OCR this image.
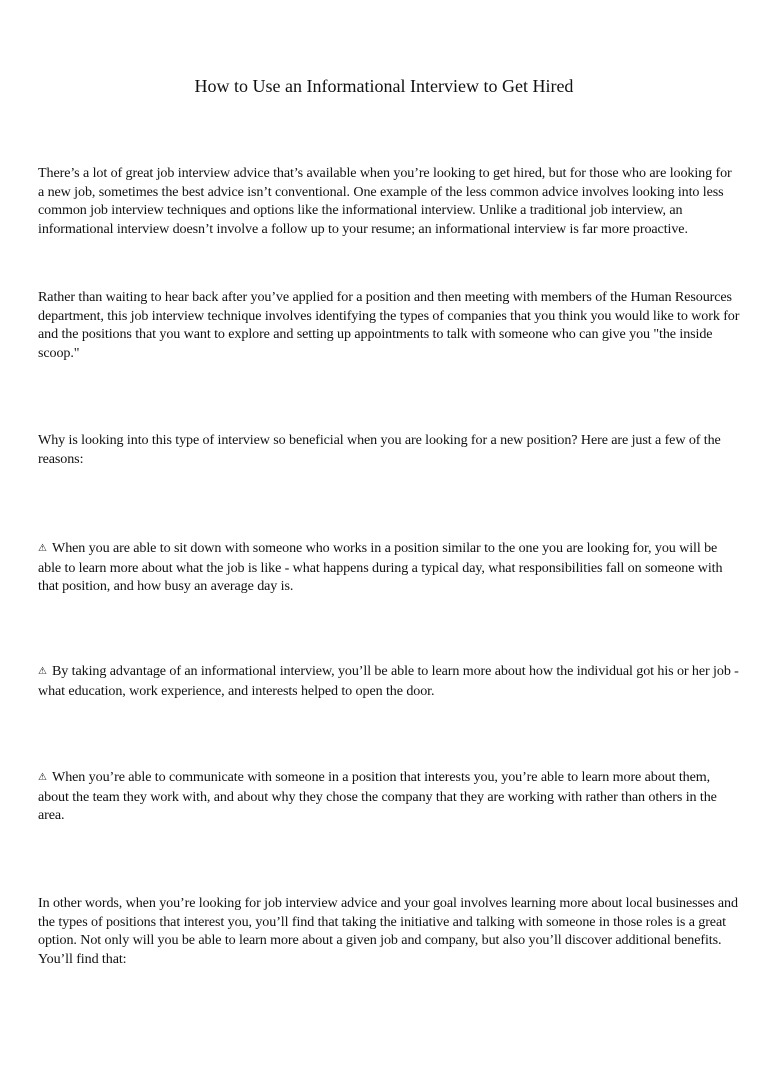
How to Use an Informational Interview to Get Hired

There’s a lot of great job interview advice that’s available when you’re looking to get hired, but for those who are looking for a new job, sometimes the best advice isn’t conventional. One example of the less common advice involves looking into less common job interview techniques and options like the informational interview. Unlike a traditional job interview, an informational interview doesn’t involve a follow up to your resume; an informational interview is far more proactive.

Rather than waiting to hear back after you’ve applied for a position and then meeting with members of the Human Resources department, this job interview technique involves identifying the types of companies that you think you would like to work for and the positions that you want to explore and setting up appointments to talk with someone who can give you "the inside scoop."

Why is looking into this type of interview so beneficial when you are looking for a new position? Here are just a few of the reasons:

⚠ When you are able to sit down with someone who works in a position similar to the one you are looking for, you will be able to learn more about what the job is like - what happens during a typical day, what responsibilities fall on someone with that position, and how busy an average day is.

⚠ By taking advantage of an informational interview, you’ll be able to learn more about how the individual got his or her job - what education, work experience, and interests helped to open the door.

⚠ When you’re able to communicate with someone in a position that interests you, you’re able to learn more about them, about the team they work with, and about why they chose the company that they are working with rather than others in the area.

In other words, when you’re looking for job interview advice and your goal involves learning more about local businesses and the types of positions that interest you, you’ll find that taking the initiative and talking with someone in those roles is a great option. Not only will you be able to learn more about a given job and company, but also you’ll discover additional benefits. You’ll find that:
